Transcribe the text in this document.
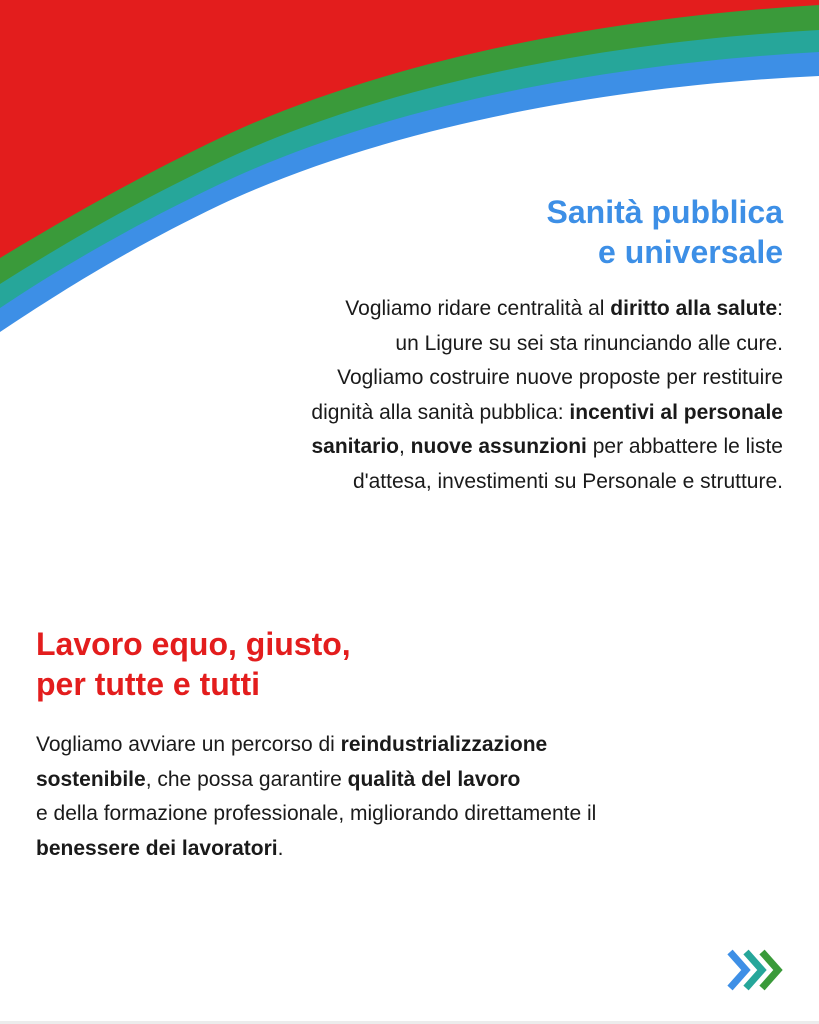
Sanità pubblica
e universale
Vogliamo ridare centralità al diritto alla salute:
un Ligure su sei sta rinunciando alle cure.
Vogliamo costruire nuove proposte per restituire
dignità alla sanità pubblica: incentivi al personale
sanitario, nuove assunzioni per abbattere le liste
d'attesa, investimenti su Personale e strutture.
Lavoro equo, giusto,
per tutte e tutti
Vogliamo avviare un percorso di reindustrializzazione
sostenibile, che possa garantire qualità del lavoro
e della formazione professionale, migliorando direttamente il
benessere dei lavoratori.
